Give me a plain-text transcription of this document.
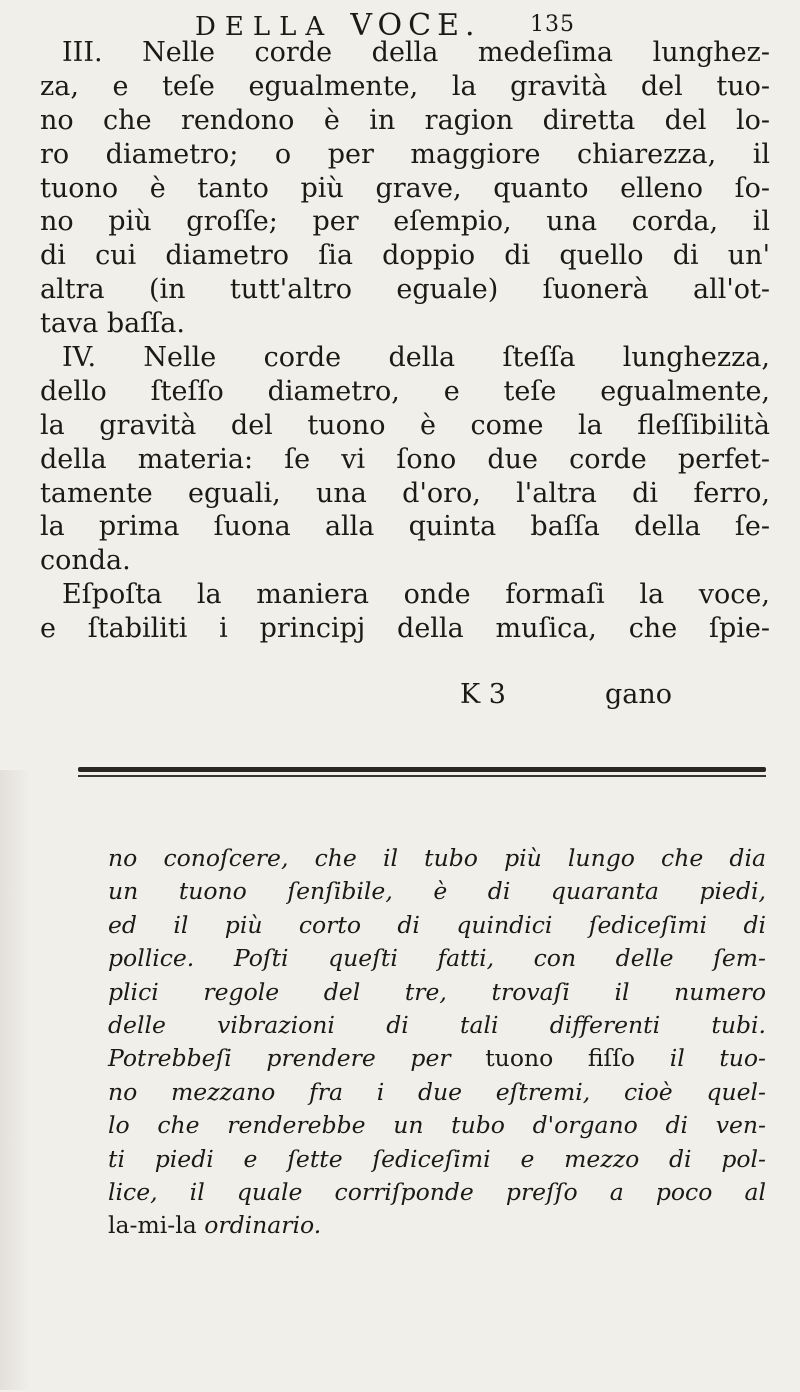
DELLA VOCE. 135
III. Nelle corde della medeſima lunghez-
za, e teſe egualmente, la gravità del tuo-
no che rendono è in ragion diretta del lo-
ro diametro; o per maggiore chiarezza, il
tuono è tanto più grave, quanto elleno ſo-
no più groſſe; per eſempio, una corda, il
di cui diametro ſia doppio di quello di un'
altra (in tutt'altro eguale) ſuonerà all'ot-
tava baſſa.
IV. Nelle corde della ſteſſa lunghezza,
dello ſteſſo diametro, e teſe egualmente,
la gravità del tuono è come la fleſſibilità
della materia: ſe vi ſono due corde perfet-
tamente eguali, una d'oro, l'altra di ferro,
la prima ſuona alla quinta baſſa della ſe-
conda.
Eſpoſta la maniera onde formaſi la voce,
e ſtabiliti i principj della muſica, che ſpie-
K 3	gano
no conoſcere, che il tubo più lungo che dia
un tuono ſenſibile, è di quaranta piedi,
ed il più corto di quindici ſediceſimi di
pollice. Poſti queſti fatti, con delle ſem-
plici regole del tre, trovaſi il numero
delle vibrazioni di tali differenti tubi.
Potrebbeſi prendere per tuono fiſſo il tuo-
no mezzano fra i due eſtremi, cioè quel-
lo che renderebbe un tubo d'organo di ven-
ti piedi e ſette ſediceſimi e mezzo di pol-
lice, il quale corriſponde preſſo a poco al
la-mi-la ordinario.
